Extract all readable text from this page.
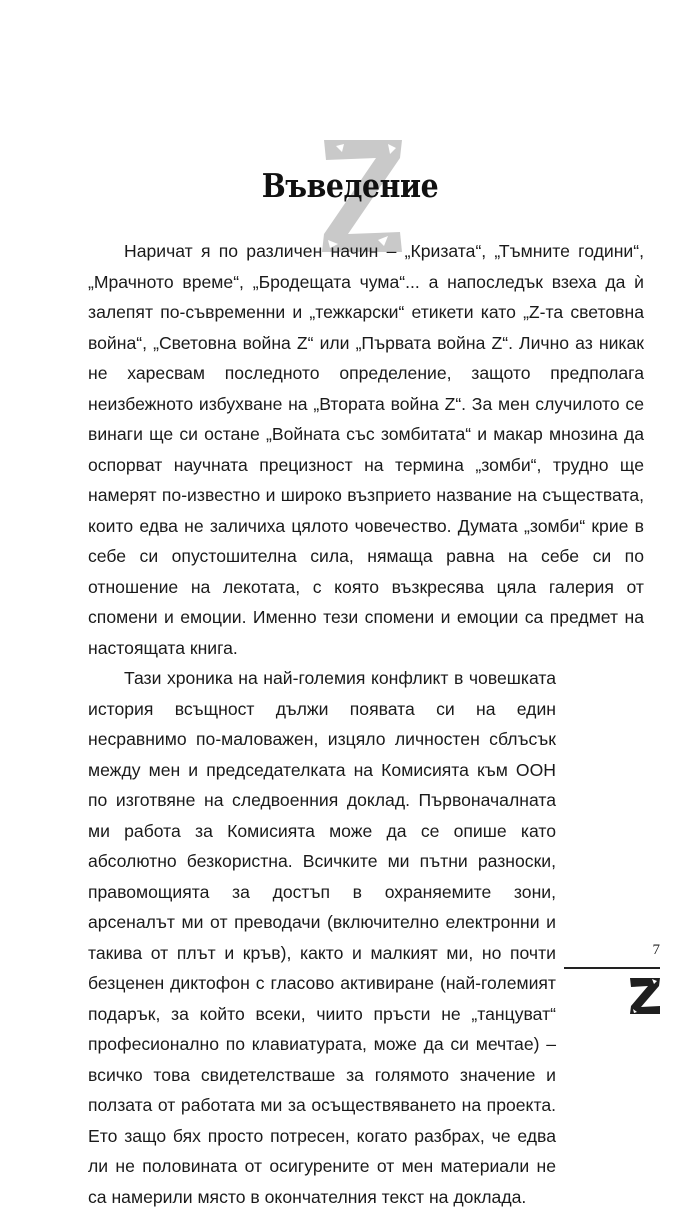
Въведение

Наричат я по различен начин – „Кризата“, „Тъмните години“, „Мрачното време“, „Бродещата чума“... а напоследък взеха да ѝ залепят по-съвременни и „тежкарски“ етикети като „Z-та световна война“, „Световна война Z“ или „Първата война Z“. Лично аз никак не харесвам последното определение, защото предполага неизбежното избухване на „Втората война Z“. За мен случилото се винаги ще си остане „Войната със зомбитата“ и макар мнозина да оспорват научната прецизност на термина „зомби“, трудно ще намерят по-известно и широко възприето название на съществата, които едва не заличиха цялото човечество. Думата „зомби“ крие в себе си опустошителна сила, нямаща равна на себе си по отношение на лекотата, с която възкресява цяла галерия от спомени и емоции. Именно тези спомени и емоции са предмет на настоящата книга.

Тази хроника на най-големия конфликт в човешката история всъщност дължи появата си на един несравнимо по-маловажен, изцяло личностен сблъсък между мен и председателката на Комисията към ООН по изготвяне на следвоенния доклад. Първоначалната ми работа за Комисията може да се опише като абсолютно безкористна. Всичките ми пътни разноски, правомощията за достъп в охраняемите зони, арсеналът ми от преводачи (включително електронни и такива от плът и кръв), както и малкият ми, но почти безценен диктофон с гласово активиране (най-големият подарък, за който всеки, чиито пръсти не „танцуват“ професионално по клавиатурата, може да си мечтае) – всичко това свидетелстваше за голямото значение и ползата от работата ми за осъществяването на проекта. Ето защо бях просто потресен, когато разбрах, че едва ли не половината от осигурените от мен материали не са намерили място в окончателния текст на доклада.

7
